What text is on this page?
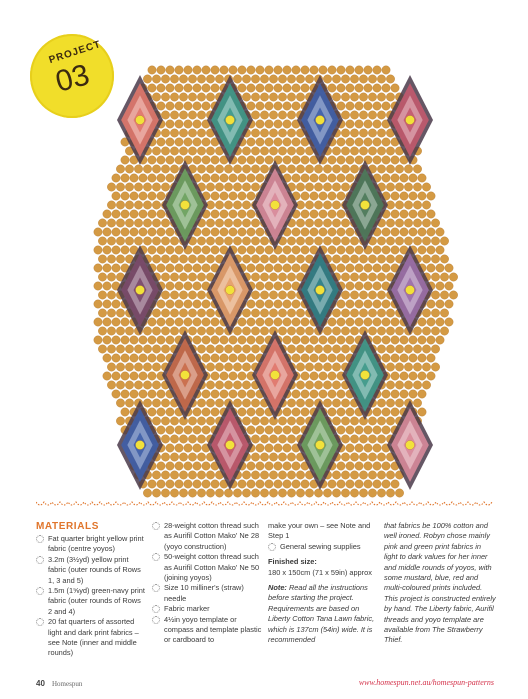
PROJECT
03
MATERIALS
Fat quarter bright yellow print fabric (centre yoyos)
3.2m (3½yd) yellow print fabric (outer rounds of Rows 1, 3 and 5)
1.5m (1⅝yd) green-navy print fabric (outer rounds of Rows 2 and 4)
20 fat quarters of assorted light and dark print fabrics – see Note (inner and middle rounds)
28-weight cotton thread such as Aurifil Cotton Mako' Ne 28 (yoyo construction)
50-weight cotton thread such as Aurifil Cotton Mako' Ne 50 (joining yoyos)
Size 10 milliner's (straw) needle
Fabric marker
4½in yoyo template or compass and template plastic or cardboard to

make your own – see Note and Step 1

General sewing supplies

Finished size:

180 x 150cm (71 x 59in) approx

Note: Read all the instructions before starting the project. Requirements are based on Liberty Cotton Tana Lawn fabric, which is 137cm (54in) wide. It is recommended

that fabrics be 100% cotton and well ironed. Robyn chose mainly pink and green print fabrics in light to dark values for her inner and middle rounds of yoyos, with some mustard, blue, red and multi-coloured prints included. This project is constructed entirely by hand. The Liberty fabric, Aurifil threads and yoyo template are available from The Strawberry Thief.

40 Homespun	www.homespun.net.au/homespun-patterns
